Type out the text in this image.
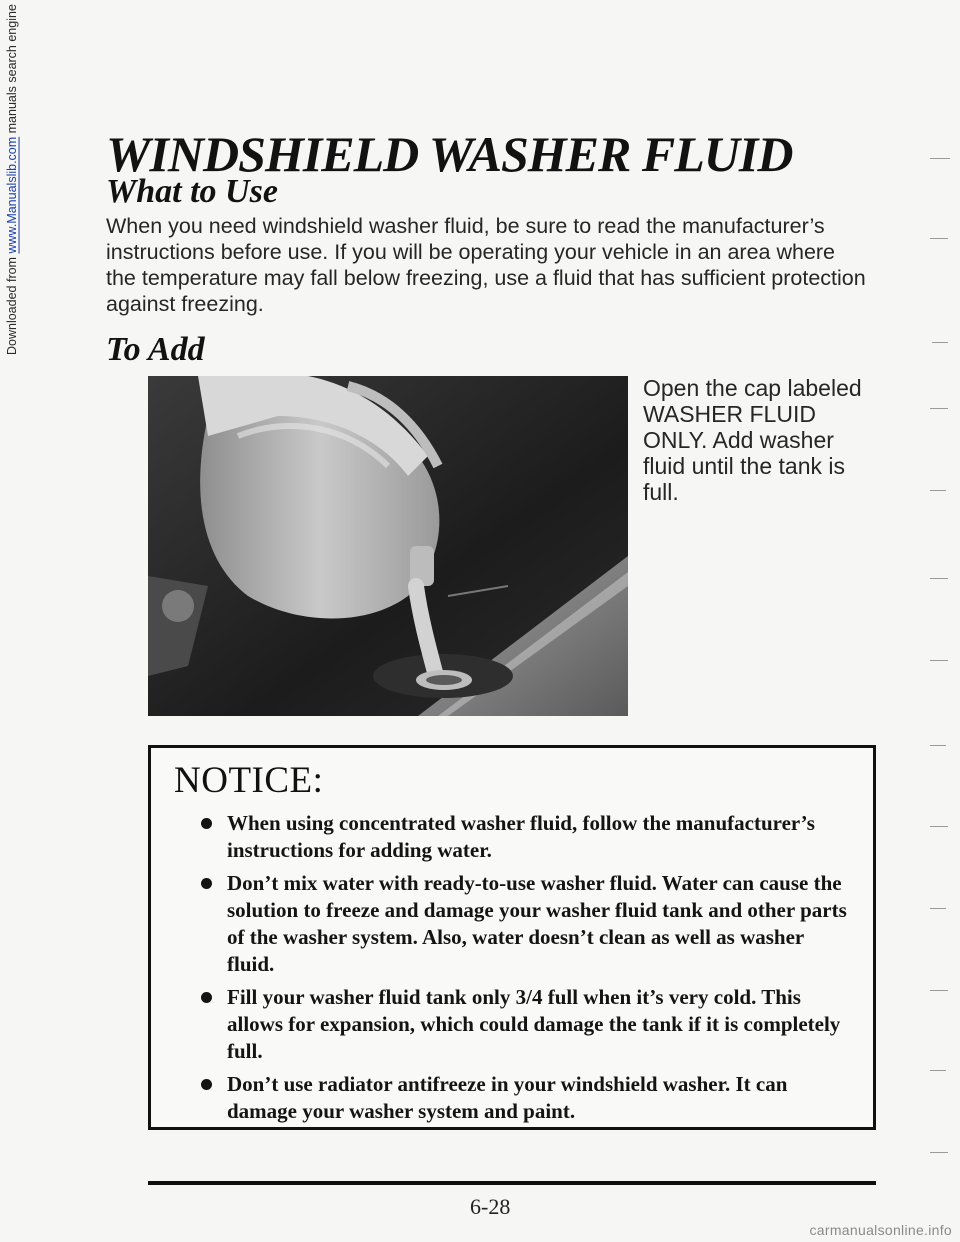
Downloaded from www.Manualslib.com manuals search engine
WINDSHIELD WASHER FLUID
What to Use

When you need windshield washer fluid, be sure to read the manufacturer’s instructions before use. If you will be operating your vehicle in an area where the temperature may fall below freezing, use a fluid that has sufficient protection against freezing.

To Add

Open the cap labeled WASHER FLUID ONLY. Add washer fluid until the tank is full.

NOTICE:
When using concentrated washer fluid, follow the manufacturer’s instructions for adding water.
Don’t mix water with ready-to-use washer fluid. Water can cause the solution to freeze and damage your washer fluid tank and other parts of the washer system. Also, water doesn’t clean as well as washer fluid.
Fill your washer fluid tank only 3/4 full when it’s very cold. This allows for expansion, which could damage the tank if it is completely full.
Don’t use radiator antifreeze in your windshield washer. It can damage your washer system and paint.
6-28
carmanualsonline.info
